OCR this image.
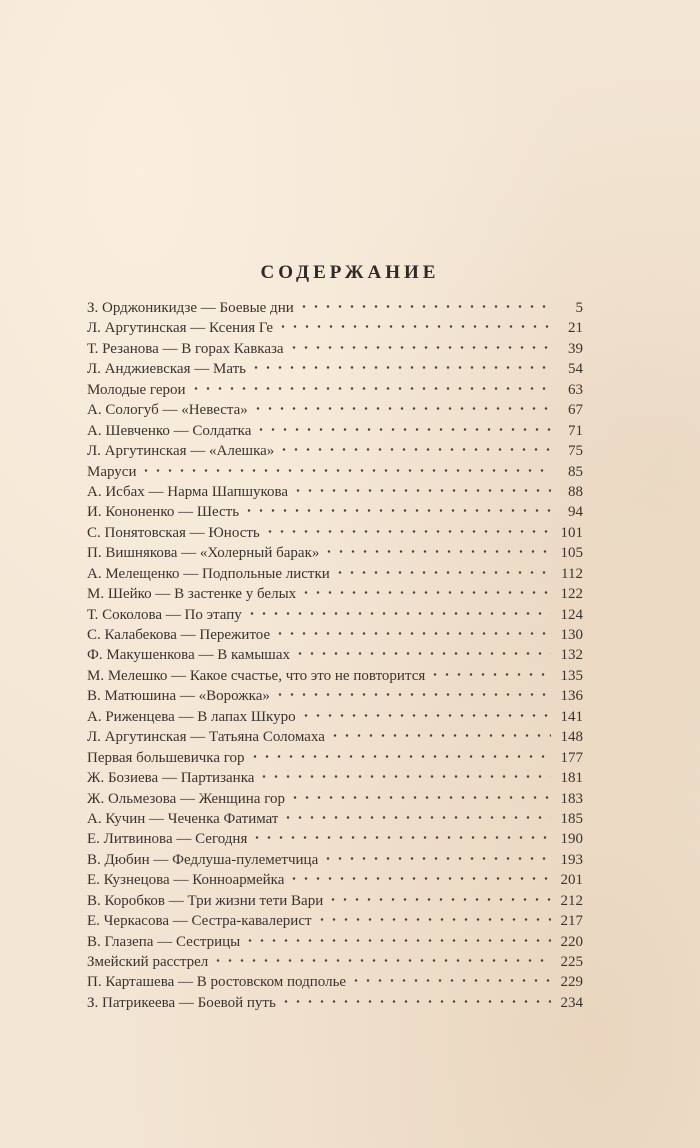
СОДЕРЖАНИЕ
З. Орджоникидзе — Боевые дни	5
Л. Аргутинская — Ксения Ге	21
Т. Резанова — В горах Кавказа	39
Л. Анджиевская — Мать	54
Молодые герои	63
А. Сологуб — «Невеста»	67
А. Шевченко — Солдатка	71
Л. Аргутинская — «Алешка»	75
Маруси	85
А. Исбах — Нарма Шапшукова	88
И. Кононенко — Шесть	94
С. Понятовская — Юность	101
П. Вишнякова — «Холерный барак»	105
А. Мелещенко — Подпольные листки	112
М. Шейко — В застенке у белых	122
Т. Соколова — По этапу	124
С. Калабекова — Пережитое	130
Ф. Макушенкова — В камышах	132
М. Мелешко — Какое счастье, что это не повторится	135
В. Матюшина — «Ворожка»	136
А. Риженцева — В лапах Шкуро	141
Л. Аргутинская — Татьяна Соломаха	148
Первая большевичка гор	177
Ж. Бозиева — Партизанка	181
Ж. Ольмезова — Женщина гор	183
А. Кучин — Чеченка Фатимат	185
Е. Литвинова — Сегодня	190
В. Дюбин — Федлуша-пулеметчица	193
Е. Кузнецова — Конноармейка	201
В. Коробков — Три жизни тети Вари	212
Е. Черкасова — Сестра-кавалерист	217
В. Глазепа — Сестрицы	220
Змейский расстрел	225
П. Карташева — В ростовском подполье	229
З. Патрикеева — Боевой путь	234
